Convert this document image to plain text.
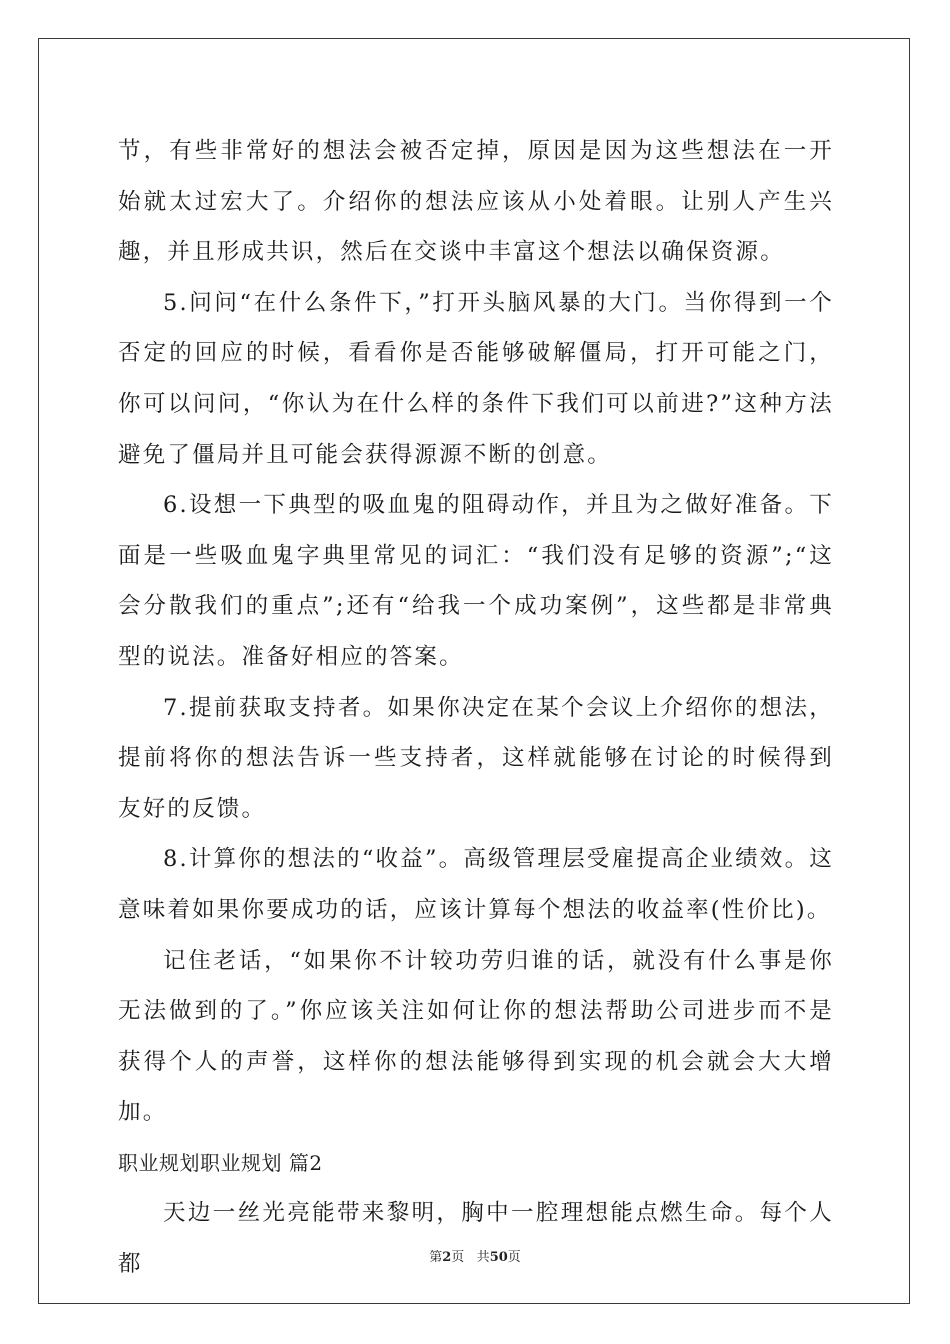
节，有些非常好的想法会被否定掉，原因是因为这些想法在一开始就太过宏大了。介绍你的想法应该从小处着眼。让别人产生兴趣，并且形成共识，然后在交谈中丰富这个想法以确保资源。

5.问问“在什么条件下，”打开头脑风暴的大门。当你得到一个否定的回应的时候，看看你是否能够破解僵局，打开可能之门，你可以问问，“你认为在什么样的条件下我们可以前进?”这种方法避免了僵局并且可能会获得源源不断的创意。

6.设想一下典型的吸血鬼的阻碍动作，并且为之做好准备。下面是一些吸血鬼字典里常见的词汇：“我们没有足够的资源”;“这会分散我们的重点”;还有“给我一个成功案例”，这些都是非常典型的说法。准备好相应的答案。

7.提前获取支持者。如果你决定在某个会议上介绍你的想法，提前将你的想法告诉一些支持者，这样就能够在讨论的时候得到友好的反馈。

8.计算你的想法的“收益”。高级管理层受雇提高企业绩效。这意味着如果你要成功的话，应该计算每个想法的收益率(性价比)。

记住老话，“如果你不计较功劳归谁的话，就没有什么事是你无法做到的了。”你应该关注如何让你的想法帮助公司进步而不是获得个人的声誉，这样你的想法能够得到实现的机会就会大大增加。

职业规划职业规划 篇2

天边一丝光亮能带来黎明，胸中一腔理想能点燃生命。每个人都	第2页 共50页
